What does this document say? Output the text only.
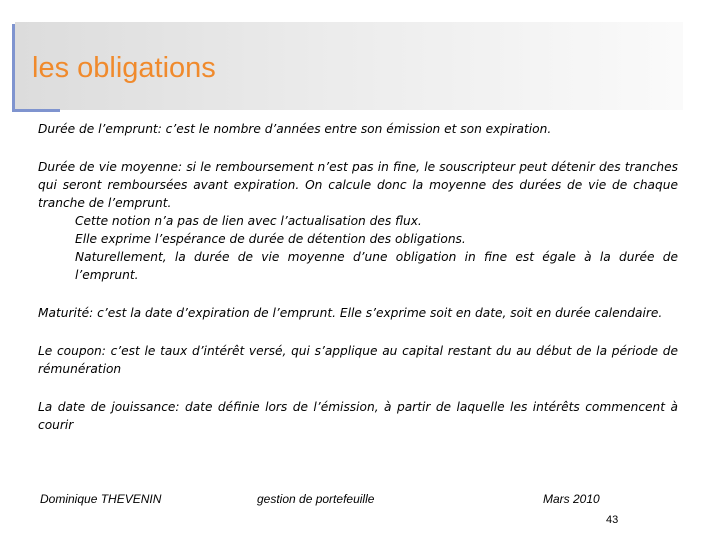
les obligations

Durée de l’emprunt: c’est le nombre d’années entre son émission et son expiration.

Durée de vie moyenne: si le remboursement n’est pas in fine, le souscripteur peut détenir des tranches qui seront remboursées avant expiration. On calcule donc la moyenne des durées de vie de chaque tranche de l’emprunt.

Cette notion n’a pas de lien avec l’actualisation des flux.

Elle exprime l’espérance de durée de détention des obligations.

Naturellement, la durée de vie moyenne d’une obligation in fine est égale à la durée de l’emprunt.

Maturité: c’est la date d’expiration de l’emprunt. Elle s’exprime soit en date, soit en durée calendaire.

Le coupon: c’est le taux d’intérêt versé, qui s’applique au capital restant du au début de la période de rémunération

La date de jouissance: date définie lors de l’émission, à partir de laquelle les intérêts commencent à courir

Dominique THEVENIN	gestion de portefeuille	Mars 2010
43
